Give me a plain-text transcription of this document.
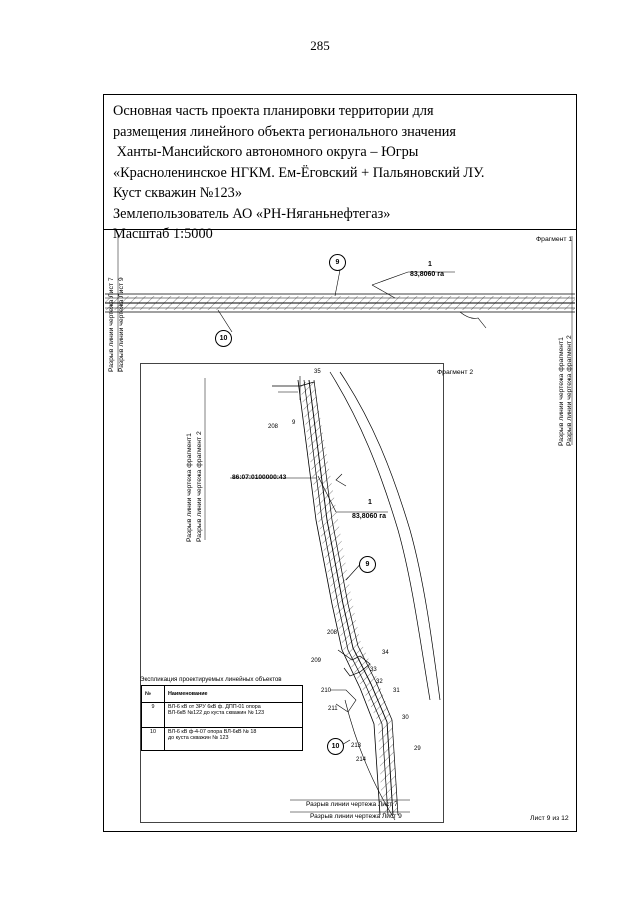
285
Основная часть проекта планировки территории для
размещения линейного объекта регионального значения
Ханты-Мансийского автономного округа – Югры
«Красноленинское НГКМ. Ем-Ёговский + Пальяновский ЛУ.
Куст скважин №123»
Землепользователь АО «РН-Няганьнефтегаз»
Масштаб 1:5000	Фрагмент 1
Разрыв линии чертежа Лист 7 Разрыв линии чертежа Лист 9
Разрыв линии чертежа фрагмент1 Разрыв линии чертежа фрагмент 2
9
10
1
83,8060 га
Фрагмент 2
Разрыв линии чертежа фрагмент1 Разрыв линии чертежа фрагмент 2	86:07:0100000:43
1
83,8060 га
9
10
35
208
9
208
209
34
33
210
32
31
211
30
29
213
214
Разрыв линии чертежа Лист 7
Разрыв линии чертежа Лист 9	Лист 9 из 12
Экспликация проектируемых линейных объектов
№	Наименование
9	ВЛ-6 кВ от ЗРУ 6кВ ф. ДПП-01 опора
ВЛ-6кВ №122 до куста скважин № 123
10	ВЛ-6 кВ ф-4-07 опора ВЛ-6кВ № 18
до куста скважин № 123
